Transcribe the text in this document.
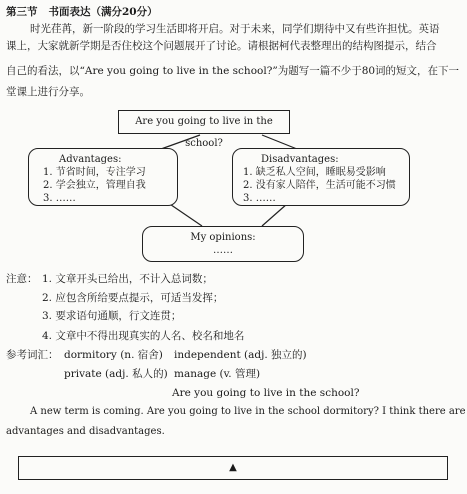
第三节 书面表达（满分20分）
时光荏苒，新一阶段的学习生活即将开启。对于未来，同学们期待中又有些许担忧。英语
课上，大家就新学期是否住校这个问题展开了讨论。请根据柯代表整理出的结构图提示，结合
自己的看法，以“Are you going to live in the school?”为题写一篇不少于80词的短文，在下一
堂课上进行分享。
Are you going to live in the school?
Advantages:
1. 节省时间，专注学习
2. 学会独立，管理自我
3. ……
Disadvantages:
1. 缺乏私人空间，睡眠易受影响
2. 没有家人陪伴，生活可能不习惯
3. ……
My opinions:
……
注意： 1. 文章开头已给出，不计入总词数；
2. 应包含所给要点提示，可适当发挥；
3. 要求语句通顺，行文连贯；
4. 文章中不得出现真实的人名、校名和地名
参考词汇： dormitory (n. 宿舍) independent (adj. 独立的)
private (adj. 私人的) manage (v. 管理)
Are you going to live in the school?
A new term is coming. Are you going to live in the school dormitory? I think there are
advantages and disadvantages.
▲
